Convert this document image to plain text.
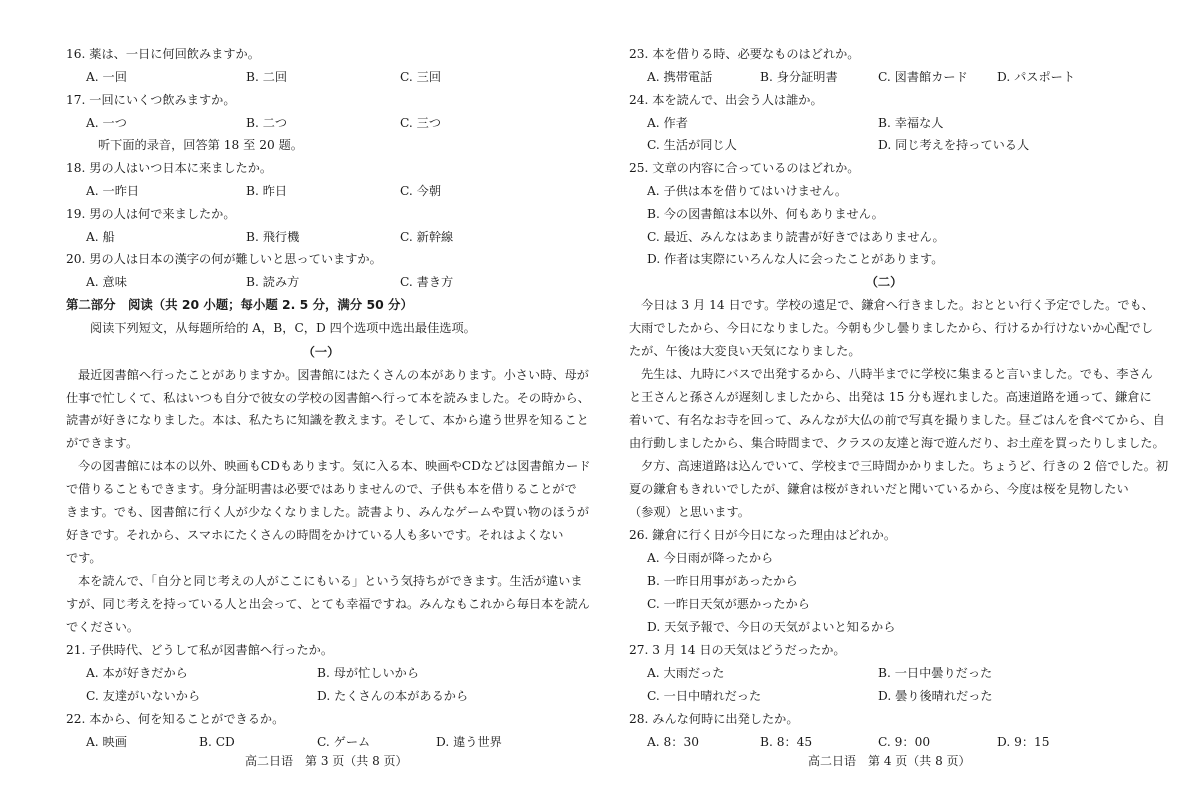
16. 薬は、一日に何回飲みますか。
A. 一回	B. 二回	C. 三回
17. 一回にいくつ飲みますか。
A. 一つ	B. 二つ	C. 三つ
听下面的录音，回答第 18 至 20 题。
18. 男の人はいつ日本に来ましたか。
A. 一昨日	B. 昨日	C. 今朝
19. 男の人は何で来ましたか。
A. 船	B. 飛行機	C. 新幹線
20. 男の人は日本の漢字の何が難しいと思っていますか。
A. 意味	B. 読み方	C. 書き方
第二部分　阅读（共 20 小题；每小题 2. 5 分，满分 50 分）
阅读下列短文，从每题所给的 A，B，C，D 四个选项中选出最佳选项。
（一）
最近図書館へ行ったことがありますか。図書館にはたくさんの本があります。小さい時、母が
仕事で忙しくて、私はいつも自分で彼女の学校の図書館へ行って本を読みました。その時から、
読書が好きになりました。本は、私たちに知識を教えます。そして、本から違う世界を知ること
ができます。
今の図書館には本の以外、映画もCDもあります。気に入る本、映画やCDなどは図書館カード
で借りることもできます。身分証明書は必要ではありませんので、子供も本を借りることがで
きます。でも、図書館に行く人が少なくなりました。読書より、みんなゲームや買い物のほうが
好きです。それから、スマホにたくさんの時間をかけている人も多いです。それはよくない
です。
本を読んで、「自分と同じ考えの人がここにもいる」という気持ちができます。生活が違いま
すが、同じ考えを持っている人と出会って、とても幸福ですね。みんなもこれから毎日本を読ん
でください。
21. 子供時代、どうして私が図書館へ行ったか。
A. 本が好きだから	B. 母が忙しいから
C. 友達がいないから	D. たくさんの本があるから
22. 本から、何を知ることができるか。
A. 映画	B. CD	C. ゲーム	D. 違う世界
23. 本を借りる時、必要なものはどれか。
A. 携帯電話	B. 身分証明書	C. 図書館カード D. パスポート
24. 本を読んで、出会う人は誰か。
A. 作者	B. 幸福な人
C. 生活が同じ人	D. 同じ考えを持っている人
25. 文章の内容に合っているのはどれか。
A. 子供は本を借りてはいけません。
B. 今の図書館は本以外、何もありません。
C. 最近、みんなはあまり読書が好きではありません。
D. 作者は実際にいろんな人に会ったことがあります。
（二）
今日は 3 月 14 日です。学校の遠足で、鎌倉へ行きました。おととい行く予定でした。でも、
大雨でしたから、今日になりました。今朝も少し曇りましたから、行けるか行けないか心配でし
たが、午後は大変良い天気になりました。
先生は、九時にバスで出発するから、八時半までに学校に集まると言いました。でも、李さん
と王さんと孫さんが遅刻しましたから、出発は 15 分も遅れました。高速道路を通って、鎌倉に
着いて、有名なお寺を回って、みんなが大仏の前で写真を撮りました。昼ごはんを食べてから、自
由行動しましたから、集合時間まで、クラスの友達と海で遊んだり、お土産を買ったりしました。
夕方、高速道路は込んでいて、学校まで三時間かかりました。ちょうど、行きの 2 倍でした。初
夏の鎌倉もきれいでしたが、鎌倉は桜がきれいだと聞いているから、今度は桜を見物したい
（参观）と思います。
26. 鎌倉に行く日が今日になった理由はどれか。
A. 今日雨が降ったから
B. 一昨日用事があったから
C. 一昨日天気が悪かったから
D. 天気予報で、今日の天気がよいと知るから
27. 3 月 14 日の天気はどうだったか。
A. 大雨だった	B. 一日中曇りだった
C. 一日中晴れだった	D. 曇り後晴れだった
28. みんな何時に出発したか。
A. 8：30	B. 8：45	C. 9：00	D. 9：15
高二日语　第 3 页（共 8 页）	高二日语　第 4 页（共 8 页）
